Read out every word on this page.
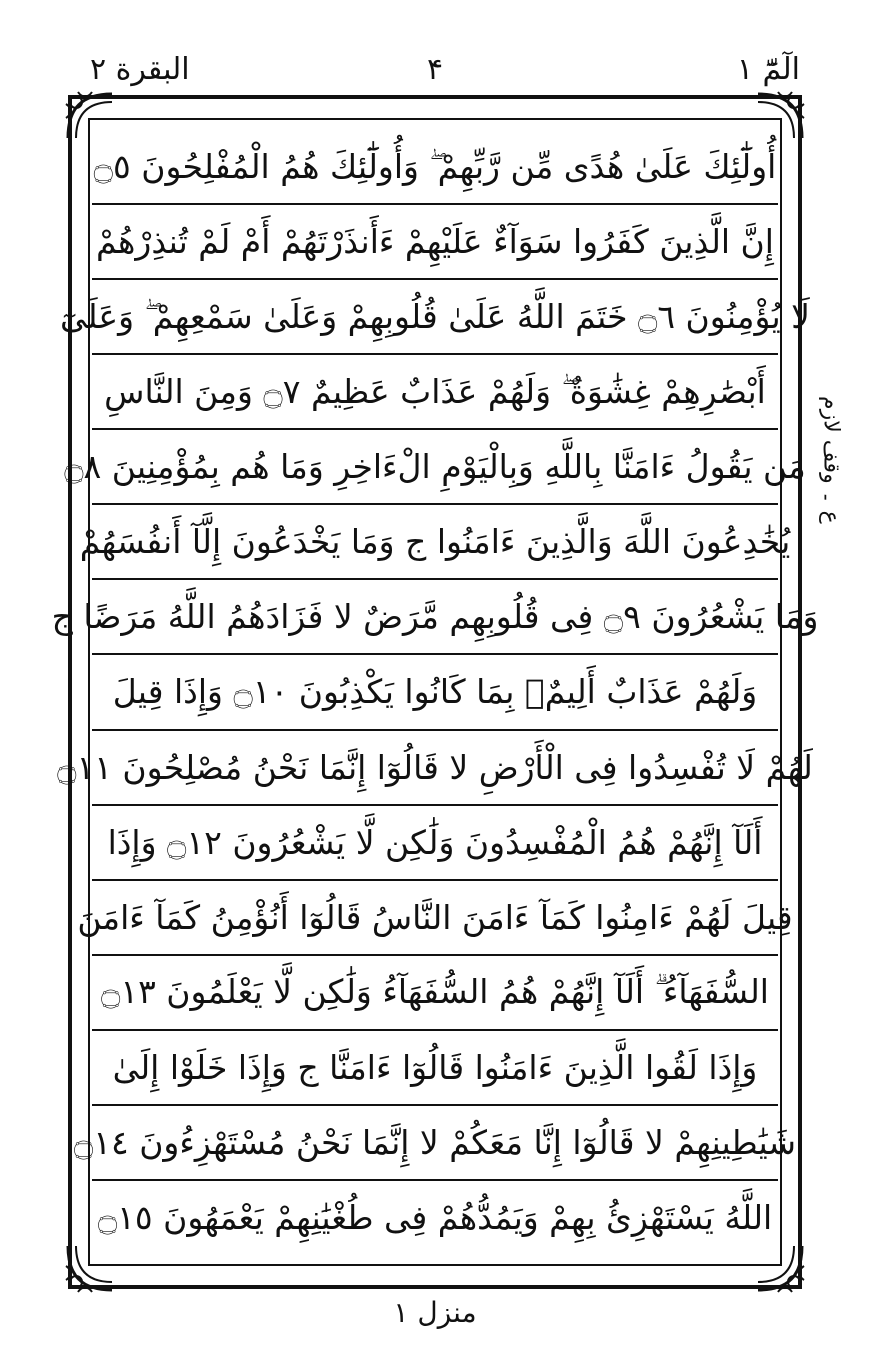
الٓمّٓ ١
۴
البقرة ٢
أُولَٰٓئِكَ عَلَىٰ هُدًى مِّن رَّبِّهِمْ ۖ وَأُولَٰٓئِكَ هُمُ الْمُفْلِحُونَ ۝٥
إِنَّ الَّذِينَ كَفَرُوا سَوَآءٌ عَلَيْهِمْ ءَأَنذَرْتَهُمْ أَمْ لَمْ تُنذِرْهُمْ
لَا يُؤْمِنُونَ ۝٦ خَتَمَ اللَّهُ عَلَىٰ قُلُوبِهِمْ وَعَلَىٰ سَمْعِهِمْ ۖ وَعَلَىٰٓ
أَبْصَٰرِهِمْ غِشَٰوَةٌ ۖ وَلَهُمْ عَذَابٌ عَظِيمٌ ۝٧ وَمِنَ النَّاسِ
مَن يَقُولُ ءَامَنَّا بِاللَّهِ وَبِالْيَوْمِ الْءَاخِرِ وَمَا هُم بِمُؤْمِنِينَ ۝٨
يُخَٰدِعُونَ اللَّهَ وَالَّذِينَ ءَامَنُوا ج وَمَا يَخْدَعُونَ إِلَّآ أَنفُسَهُمْ
وَمَا يَشْعُرُونَ ۝٩ فِى قُلُوبِهِم مَّرَضٌ لا فَزَادَهُمُ اللَّهُ مَرَضًا ج
وَلَهُمْ عَذَابٌ أَلِيمٌۢ بِمَا كَانُوا يَكْذِبُونَ ۝١٠ وَإِذَا قِيلَ
لَهُمْ لَا تُفْسِدُوا فِى الْأَرْضِ لا قَالُوٓا إِنَّمَا نَحْنُ مُصْلِحُونَ ۝١١
أَلَآ إِنَّهُمْ هُمُ الْمُفْسِدُونَ وَلَٰكِن لَّا يَشْعُرُونَ ۝١٢ وَإِذَا
قِيلَ لَهُمْ ءَامِنُوا كَمَآ ءَامَنَ النَّاسُ قَالُوٓا أَنُؤْمِنُ كَمَآ ءَامَنَ
السُّفَهَآءُ ۗ أَلَآ إِنَّهُمْ هُمُ السُّفَهَآءُ وَلَٰكِن لَّا يَعْلَمُونَ ۝١٣
وَإِذَا لَقُوا الَّذِينَ ءَامَنُوا قَالُوٓا ءَامَنَّا ج وَإِذَا خَلَوْا إِلَىٰ
شَيَٰطِينِهِمْ لا قَالُوٓا إِنَّا مَعَكُمْ لا إِنَّمَا نَحْنُ مُسْتَهْزِءُونَ ۝١٤
اللَّهُ يَسْتَهْزِئُ بِهِمْ وَيَمُدُّهُمْ فِى طُغْيَٰنِهِمْ يَعْمَهُونَ ۝١٥
ع ۔ وقف لازم
منزل ١
